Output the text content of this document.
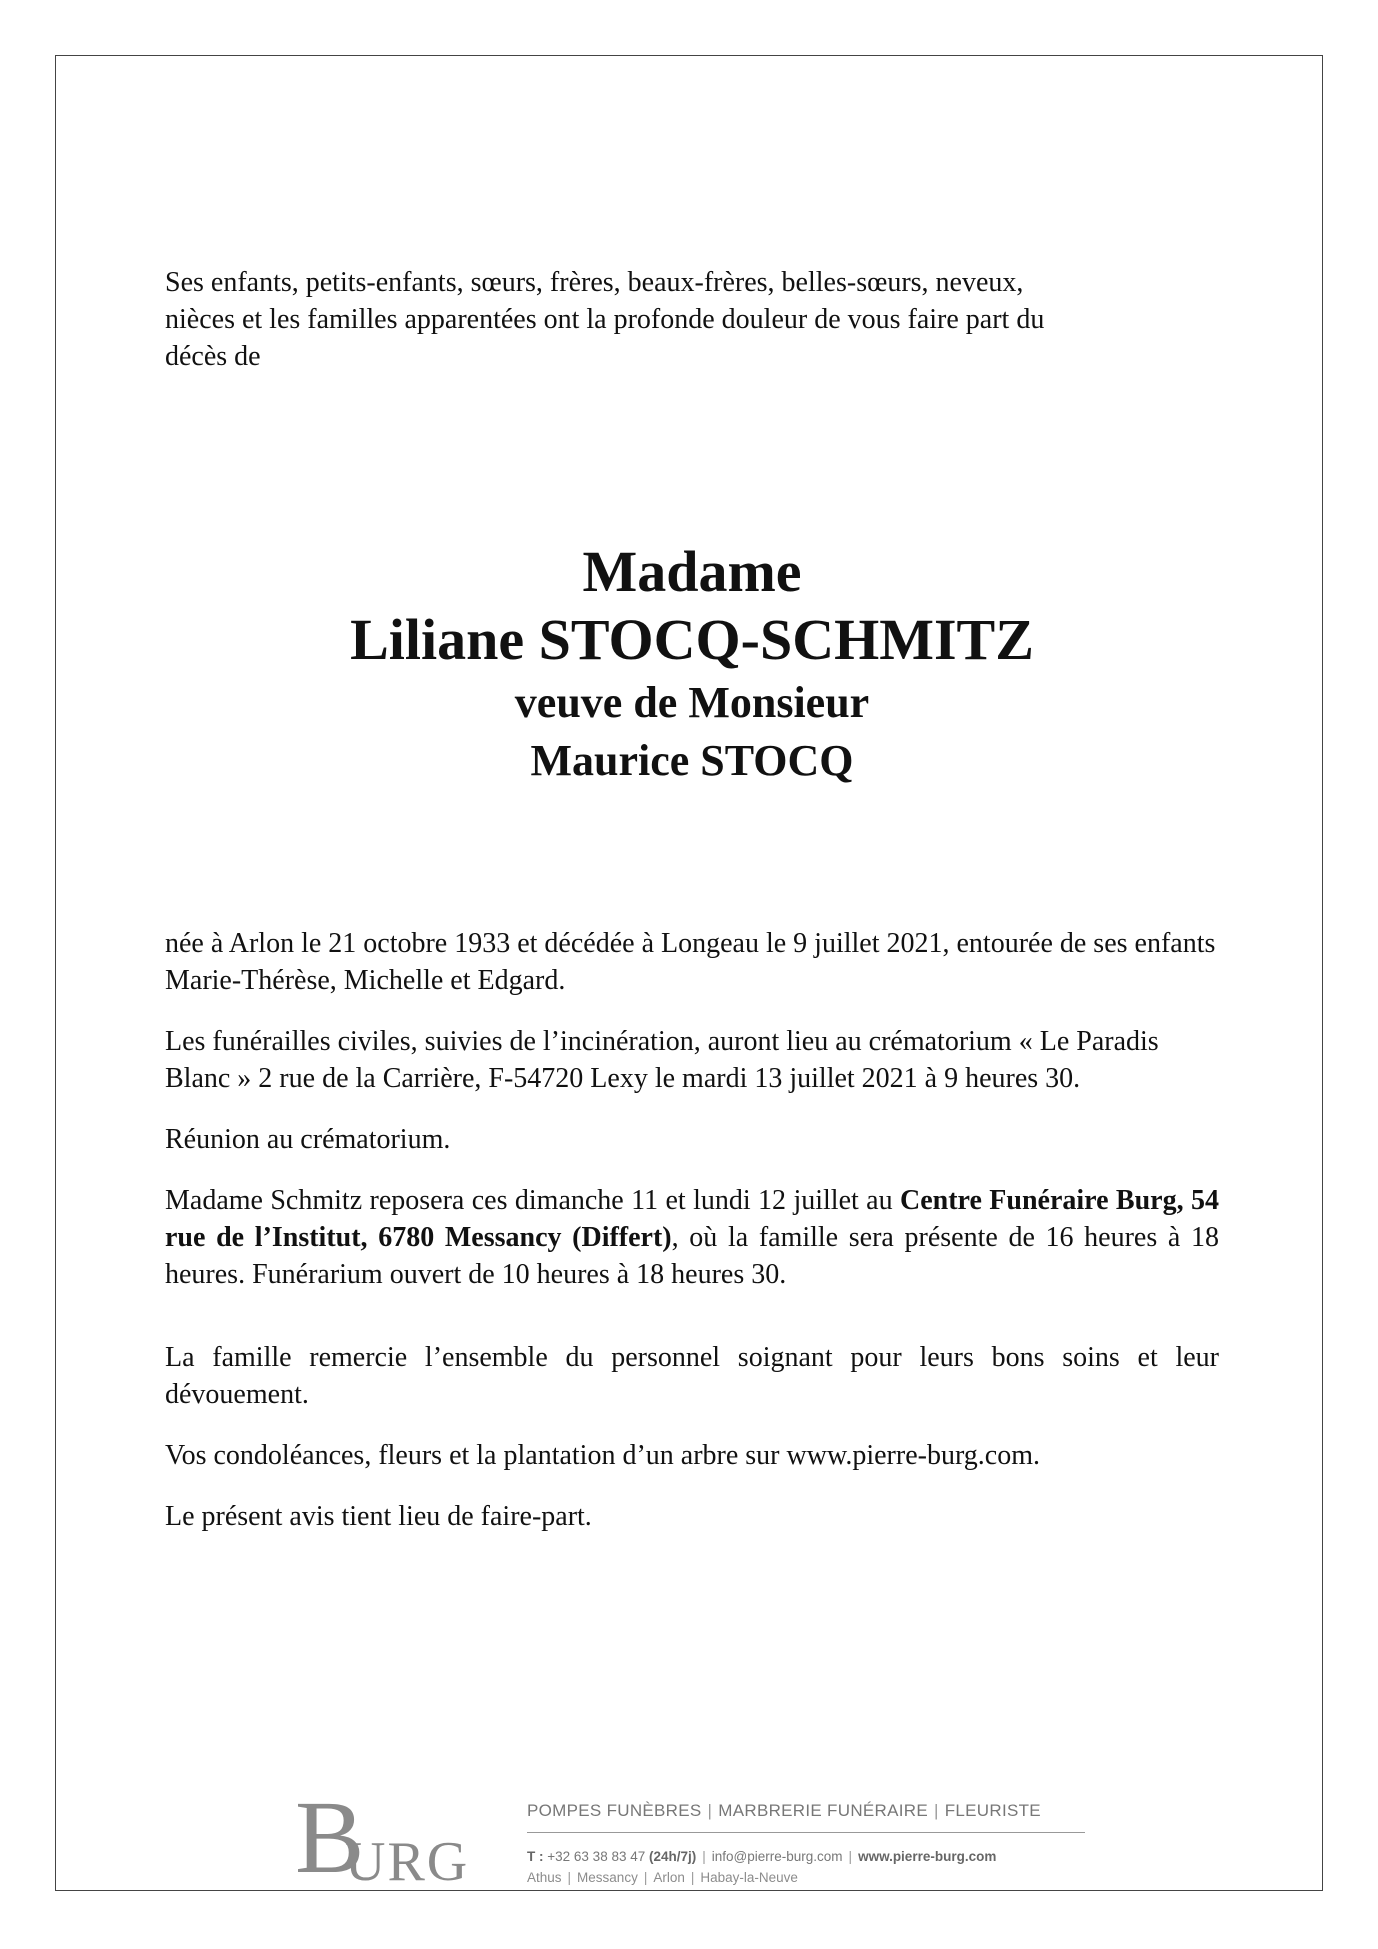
Ses enfants, petits-enfants, sœurs, frères, beaux-frères, belles-sœurs, neveux,
nièces et les familles apparentées ont la profonde douleur de vous faire part du
décès de
Madame
Liliane STOCQ-SCHMITZ
veuve de Monsieur
Maurice STOCQ

née à Arlon le 21 octobre 1933 et décédée à Longeau le 9 juillet 2021, entourée de ses enfants Marie-Thérèse, Michelle et Edgard.

Les funérailles civiles, suivies de l’incinération, auront lieu au crématorium « Le Paradis Blanc » 2 rue de la Carrière, F-54720 Lexy le mardi 13 juillet 2021 à 9 heures 30.

Réunion au crématorium.

Madame Schmitz reposera ces dimanche 11 et lundi 12 juillet au Centre Funéraire Burg, 54 rue de l’Institut, 6780 Messancy (Differt), où la famille sera présente de 16 heures à 18 heures. Funérarium ouvert de 10 heures à 18 heures 30.

La famille remercie l’ensemble du personnel soignant pour leurs bons soins et leur dévouement.

Vos condoléances, fleurs et la plantation d’un arbre sur www.pierre-burg.com.

Le présent avis tient lieu de faire-part.

B
URG
POMPES FUNÈBRES | MARBRERIE FUNÉRAIRE | FLEURISTE
T : +32 63 38 83 47 (24h/7j) | info@pierre-burg.com | www.pierre-burg.com
Athus | Messancy | Arlon | Habay-la-Neuve
